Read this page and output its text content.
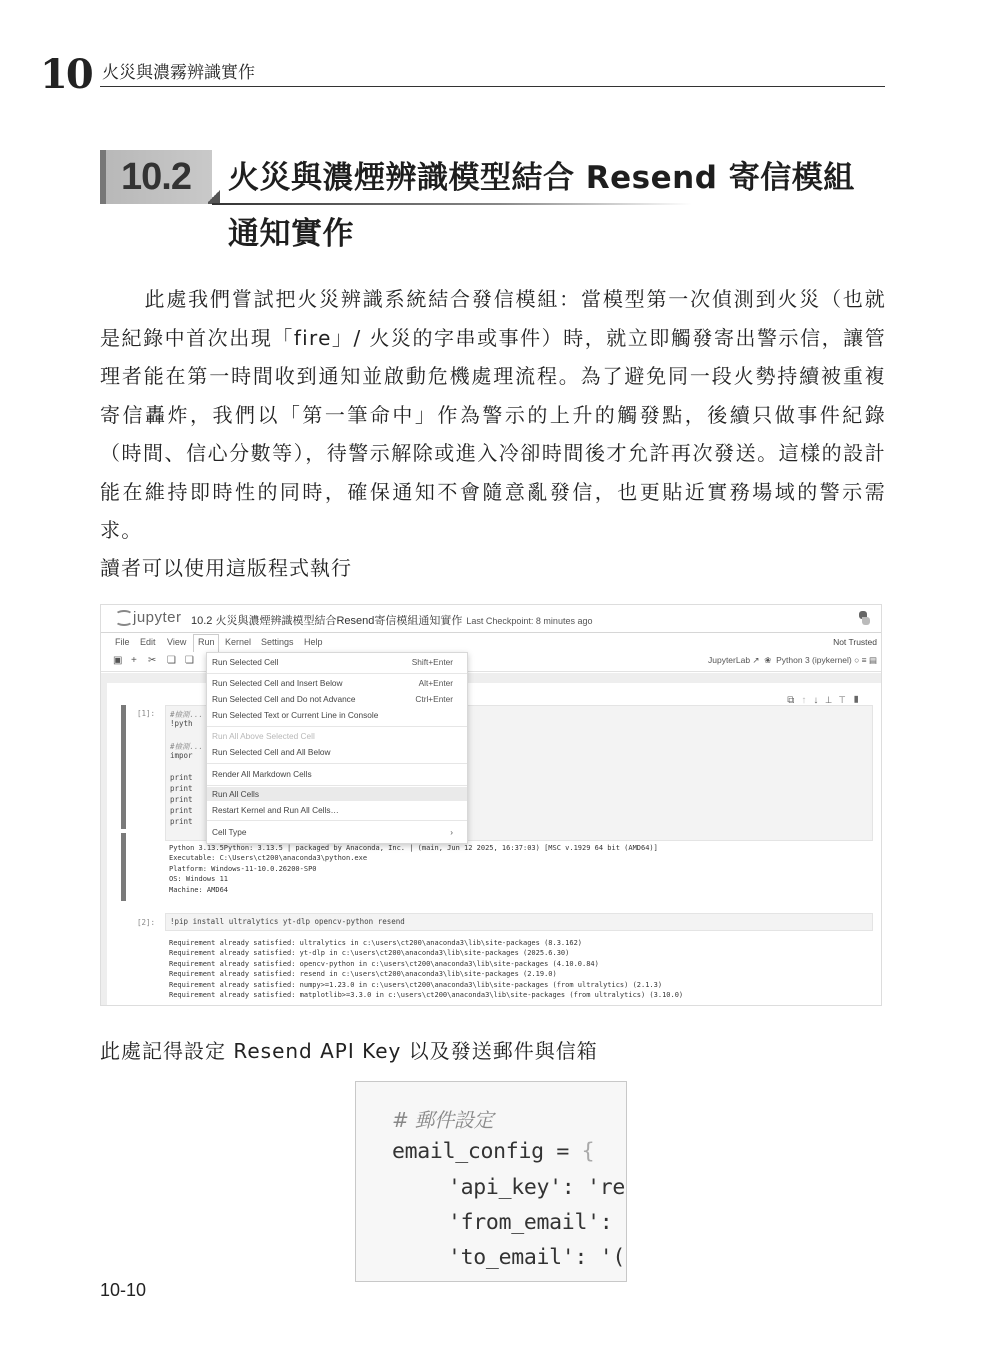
10 火災與濃霧辨識實作
10.2	火災與濃煙辨識模型結合 Resend 寄信模組
通知實作

此處我們嘗試把火災辨識系統結合發信模組：當模型第一次偵測到火災（也就是紀錄中首次出現「fire」/ 火災的字串或事件）時，就立即觸發寄出警示信，讓管理者能在第一時間收到通知並啟動危機處理流程。為了避免同一段火勢持續被重複寄信轟炸，我們以「第一筆命中」作為警示的上升的觸發點，後續只做事件紀錄（時間、信心分數等），待警示解除或進入冷卻時間後才允許再次發送。這樣的設計能在維持即時性的同時，確保通知不會隨意亂發信，也更貼近實務場域的警示需求。

讀者可以使用這版程式執行
jupyter 10.2 火災與濃煙辨識模型結合Resend寄信模組通知實作 Last Checkpoint: 8 minutes ago
File Edit View Run Kernel Settings Help	Not Trusted
▣ + ✂ ❏ ❏	JupyterLab ↗ ❀ Python 3 (ipykernel) ○ ≡ ▤
[1]: #檢測...
!pyth
#檢測...
impor
print
print
print
print
print
⧉↑↓⊥⊤▮
Python 3.13.5Python: 3.13.5 | packaged by Anaconda, Inc. | (main, Jun 12 2025, 16:37:03) [MSC v.1929 64 bit (AMD64)]
Executable: C:\Users\ct200\anaconda3\python.exe
Platform: Windows-11-10.0.26200-SP0
OS: Windows 11
Machine: AMD64
[2]: !pip install ultralytics yt-dlp opencv-python resend
Requirement already satisfied: ultralytics in c:\users\ct200\anaconda3\lib\site-packages (8.3.162)
Requirement already satisfied: yt-dlp in c:\users\ct200\anaconda3\lib\site-packages (2025.6.30)
Requirement already satisfied: opencv-python in c:\users\ct200\anaconda3\lib\site-packages (4.10.0.84)
Requirement already satisfied: resend in c:\users\ct200\anaconda3\lib\site-packages (2.19.0)
Requirement already satisfied: numpy>=1.23.0 in c:\users\ct200\anaconda3\lib\site-packages (from ultralytics) (2.1.3)
Requirement already satisfied: matplotlib>=3.3.0 in c:\users\ct200\anaconda3\lib\site-packages (from ultralytics) (3.10.0)
Run Selected Cell	Shift+Enter
Run Selected Cell and Insert Below	Alt+Enter
Run Selected Cell and Do not Advance	Ctrl+Enter
Run Selected Text or Current Line in Console
Run All Above Selected Cell
Run Selected Cell and All Below
Render All Markdown Cells
Run All Cells
Restart Kernel and Run All Cells…
Cell Type	›
此處記得設定 Resend API Key 以及發送郵件與信箱
# 郵件設定
email_config = {
'api_key': 're
'from_email':
'to_email': '(
10-10
